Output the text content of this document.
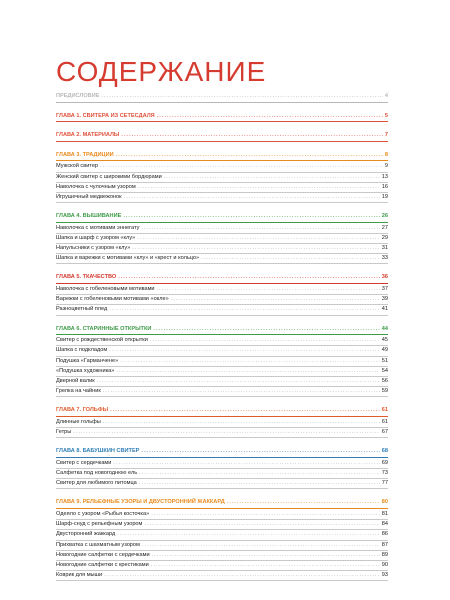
СОДЕРЖАНИЕ
ПРЕДИСЛОВИЕ .....	4
ГЛАВА 1. СВИТЕРА ИЗ СЕТЕСДАЛЯ .....	5
ГЛАВА 2. МАТЕРИАЛЫ .....	7
ГЛАВА 3. ТРАДИЦИИ .....	8
Мужской свитер .....	9
Женский свитер с широкими бордюрами .....	13
Наволочка с чулочным узором .....	16
Игрушечный медвежонок .....	19
ГЛАВА 4. ВЫШИВАНИЕ .....	26
Наволочка с мотивами эннегату .....	27
Шапка и шарф с узором «клу» .....	29
Напульсники с узором «клу» .....	31
Шапка и варежки с мотивами «клу» и «крест и кольцо» .....	33
ГЛАВА 5. ТКАЧЕСТВО .....	36
Наволочка с гобеленовыми мотивами .....	37
Варежки с гобеленовыми мотивами «окле» .....	39
Разноцветный плед .....	41
ГЛАВА 6. СТАРИННЫЕ ОТКРЫТКИ .....	44
Свитер с рождественской открытки .....	45
Шапка с подкладом .....	49
Подушка «Гарманчене» .....	51
«Подушка художника» .....	54
Дверной валик .....	56
Грелка на чайник .....	59
ГЛАВА 7. ГОЛЬФЫ .....	61
Длинные гольфы .....	61
Гетры .....	67
ГЛАВА 8. БАБУШКИН СВИТЕР .....	68
Свитер с сердечками .....	69
Салфетка под новогоднюю ель .....	73
Свитер для любимого питомца .....	77
ГЛАВА 9. РЕЛЬЕФНЫЕ УЗОРЫ И ДВУСТОРОННИЙ ЖАККАРД .....	80
Одеяло с узором «Рыбья косточка» .....	81
Шарф-снуд с рельефным узором .....	84
Двусторонний жаккард .....	86
Прихватка с шахматным узором .....	87
Новогодние салфетки с сердечками .....	89
Новогодние салфетки с крестиками .....	90
Коврик для мыши .....	93
